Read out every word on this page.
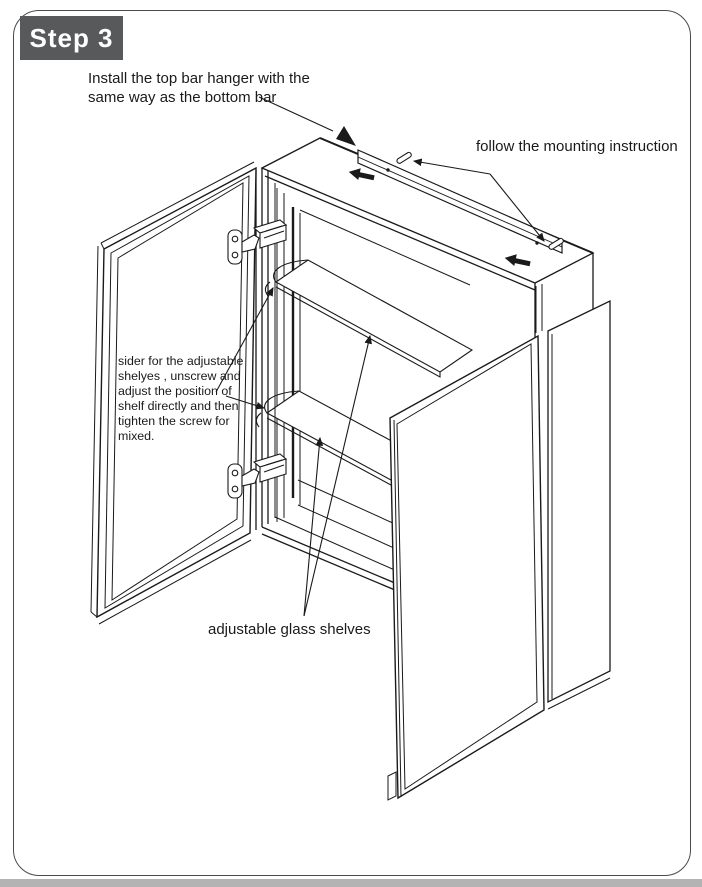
Step 3
Install the top bar hanger with the
same way as the bottom bar
follow the mounting instruction
sider for the adjustable
shelyes , unscrew and
adjust the position of
shelf directly and then
tighten the screw for
mixed.
adjustable glass shelves
